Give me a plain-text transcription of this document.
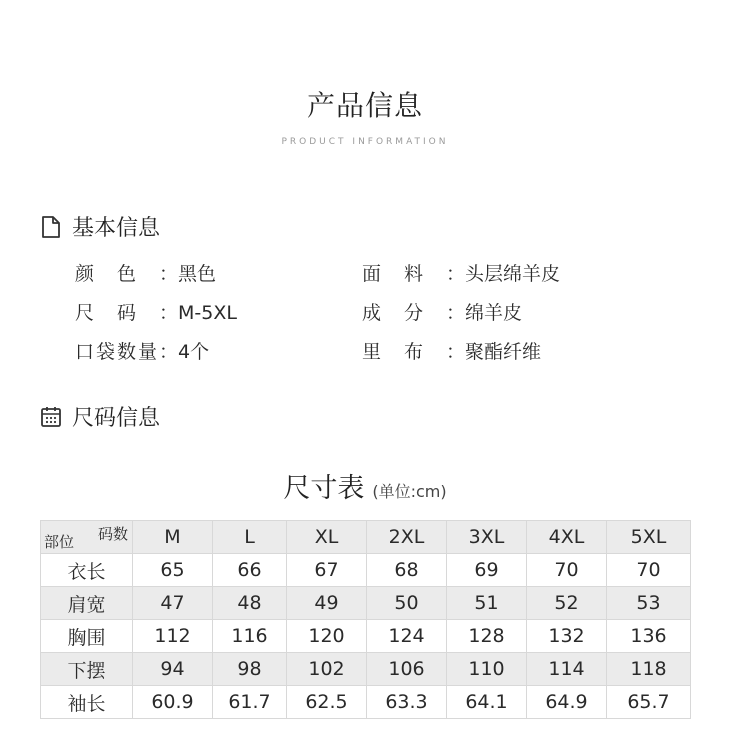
产品信息
PRODUCT INFORMATION
基本信息
颜色：黑色	面料：头层绵羊皮
尺码：M-5XL	成分：绵羊皮
口袋数量：4个	里布：聚酯纤维
尺码信息
尺寸表 (单位:cm)
码数
部位	M	L	XL	2XL	3XL	4XL	5XL
衣长	65	66	67	68	69	70	70
肩宽	47	48	49	50	51	52	53
胸围	112	116	120	124	128	132	136
下摆	94	98	102	106	110	114	118
袖长	60.9	61.7	62.5	63.3	64.1	64.9	65.7
